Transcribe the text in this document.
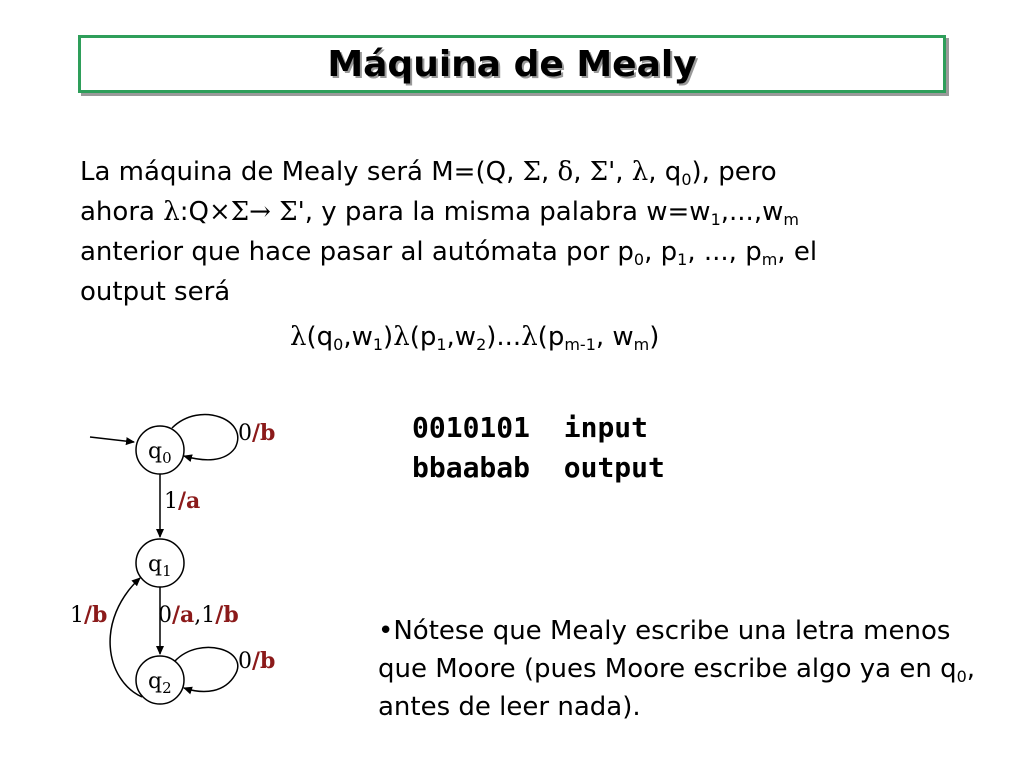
Máquina de Mealy
La máquina de Mealy será M=(Q, Σ, δ, Σ', λ, $q_0$), pero
ahora λ:Q×Σ→ Σ', y para la misma palabra $w=w_1,...,w_m$
anterior que hace pasar al autómata por $p_0$, $p_1$, ..., $p_m$, el
output será
$\lambda(q_0,w_1)\lambda(p_1,w_2)...\lambda(p_{m-1}$, $w_m$)
0010101 input
bbaabab output
•Nótese que Mealy escribe una letra menos que Moore (pues Moore escribe algo ya en $q_0$, antes de leer nada).
$q_0$
$q_1$
$q_2$
0/b
1/a
1/b 0/a,1/b
0/b
